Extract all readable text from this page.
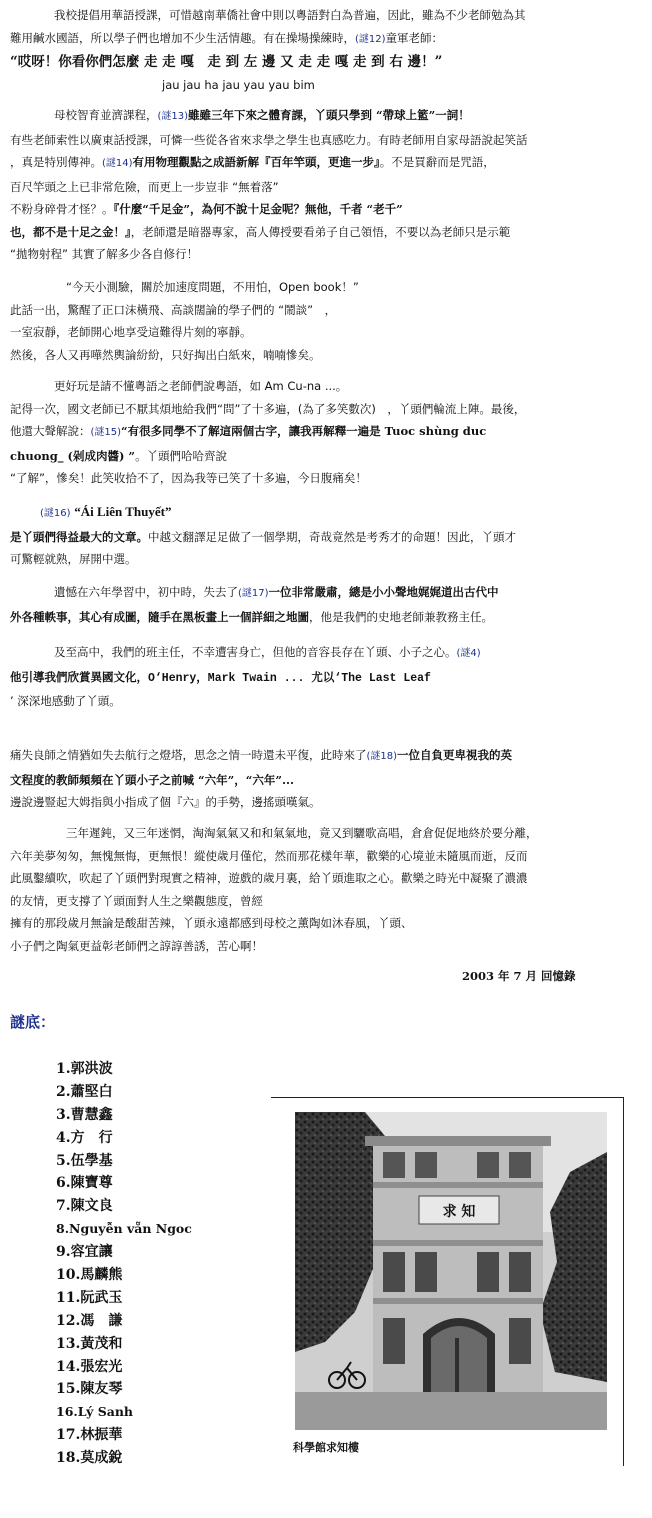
我校提倡用華語授課，可惜越南華僑社會中則以粵語對白為普遍，因此，雖為不少老師勉為其
難用鹹水國語，所以學子們也增加不少生活情趣。有在操場操練時，(謎12)童軍老師：
“哎呀！你看你們怎麼 走 走 嘎　走 到 左 邊 又 走 走 嘎 走 到 右 邊！”
jau jau ha jau yau yau bim

母校智育並濟課程，(謎13)雖雖三年下來之體育課，丫頭只學到 “帶球上籃”一詞！
有些老師索性以廣東話授課，可憐一些從各省來求學之學生也真感吃力。有時老師用自家母語說起笑話
，真是特別傳神。(謎14)有用物理觀點之成語新解『百年竿頭，更進一步』。不是買辭而是咒語，
百尺竿頭之上已非常危險，而更上一步豈非 “無着落”
不粉身碎骨才怪？。『什麼“千足金”，為何不說十足金呢？無他，千者 “老千”
也，都不是十足之金！』，老師還是暗器專家，高人傳授要看弟子自己領悟，不要以為老師只是示範
“拋物射程” 其實了解多少各自修行！

“今天小測驗，關於加速度問題，不用怕，Open book！”
此話一出，驚醒了正口沫橫飛、高談闊論的學子們的 “鬧談”　，
一室寂靜，老師開心地享受這難得片刻的寧靜。
然後，各人又再嘩然輿論紛紛，只好掏出白紙來，喃喃慘矣。

更好玩是請不懂粵語之老師們說粵語，如 Am Cu-na ...。
記得一次，國文老師已不厭其煩地給我們“問”了十多遍，(為了多笑數次)　，丫頭們輪流上陣。最後，
他還大聲解說：(謎15)“有很多同學不了解這兩個古字，讓我再解釋一遍是 Tuoc shùng duc
chuong_ (剁成肉醬) ”。丫頭們哈哈齊說
“了解”，慘矣！此笑收拾不了，因為我等已笑了十多遍，今日腹痛矣！

(謎16) “Ái Liên Thuyết”
是丫頭們得益最大的文章。中越文翻譯足足做了一個學期，奇哉竟然是考秀才的命題！因此，丫頭才
可驚輕就熟，屏開中選。

遺憾在六年學習中，初中時，失去了(謎17)一位非常嚴肅，總是小小聲地娓娓道出古代中
外各種軼事，其心有成圖，隨手在黑板畫上一個詳細之地圖，他是我們的史地老師兼教務主任。

及至高中，我們的班主任，不幸遭害身亡，但他的音容長存在丫頭、小子之心。(謎4)
他引導我們欣賞異國文化，O‘Henry，Mark Twain ... 尤以‘The Last Leaf
’ 深深地感動了丫頭。

痛失良師之情猶如失去航行之燈塔，思念之情一時還未平復，此時來了(謎18)一位自負更卑視我的英
文程度的教師頻頻在丫頭小子之前喊 “六年”，“六年”...
邊說邊豎起大姆指與小指成了個『六』的手勢，邊搖頭嘆氣。

三年遲鈍，又三年迷惘，淘淘氣氣又和和氣氣地，竟又到驪歌高唱，倉倉促促地終於要分離，
六年美夢匆匆，無愧無悔，更無恨！縱使歲月僅佗，然而那花樣年華，歡樂的心境並未隨風而逝，反而
此風鑿續吹，吹起了丫頭們對現實之精神，遊戲的歲月裏，給丫頭進取之心。歡樂之時光中凝聚了濃濃
的友情，更支撐了丫頭面對人生之樂觀態度，曾經
擁有的那段歲月無論是酸甜苦辣，丫頭永遠都感到母校之薰陶如沐春風，丫頭、
小子們之陶氣更益彰老師們之諄諄善誘，苦心啊！

2003 年 7 月 回憶錄
謎底：
1.郭洪波
2.蕭堅白
3.曹慧鑫
4.方　行
5.伍學基
6.陳寶尊
7.陳文良
8.Nguyễn vẵn Ngoc
9.容宜讓
10.馬麟熊
11.阮武玉
12.馮　謙
13.黃茂和
14.張宏光
15.陳友琴
16.Lý Sanh
17.林振華
18.莫成銳
求 知
科學館求知樓
